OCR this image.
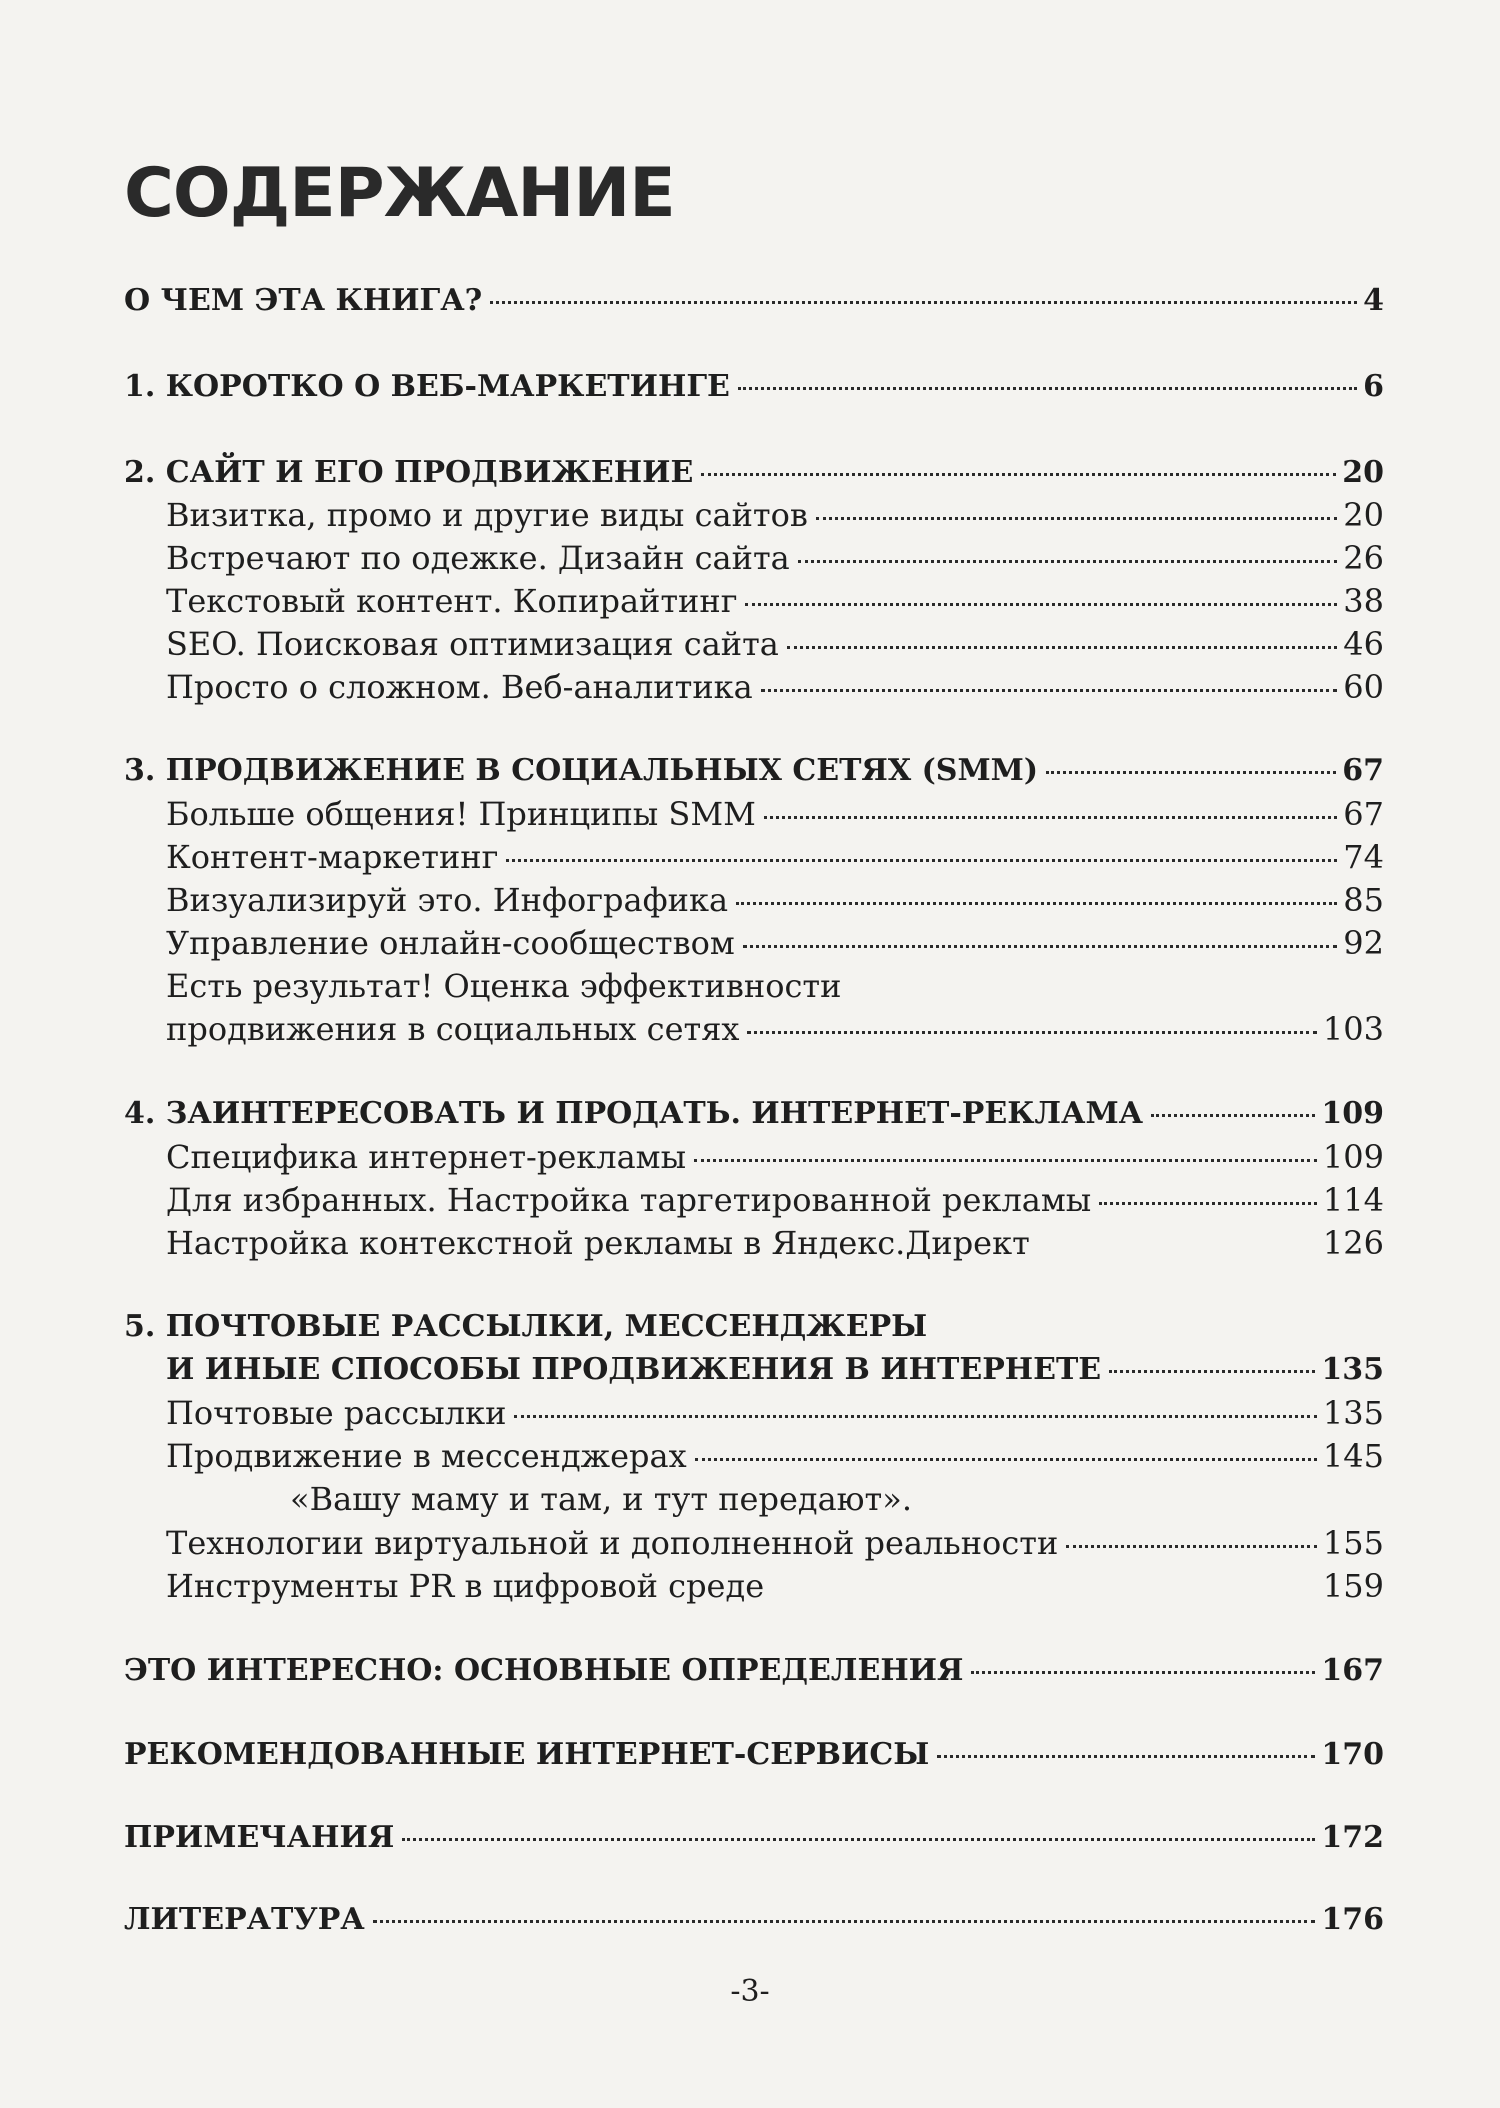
СОДЕРЖАНИЕ
О ЧЕМ ЭТА КНИГА?	4
1. КОРОТКО О ВЕБ-МАРКЕТИНГЕ	6
2. САЙТ И ЕГО ПРОДВИЖЕНИЕ	20
Визитка, промо и другие виды сайтов	20
Встречают по одежке. Дизайн сайта	26
Текстовый контент. Копирайтинг	38
SEO. Поисковая оптимизация сайта	46
Просто о сложном. Веб-аналитика	60
3. ПРОДВИЖЕНИЕ В СОЦИАЛЬНЫХ СЕТЯХ (SMM)	67
Больше общения! Принципы SMM	67
Контент-маркетинг	74
Визуализируй это. Инфографика	85
Управление онлайн-сообществом	92
Есть результат! Оценка эффективности
продвижения в социальных сетях	103
4. ЗАИНТЕРЕСОВАТЬ И ПРОДАТЬ. ИНТЕРНЕТ-РЕКЛАМА	109
Специфика интернет-рекламы	109
Для избранных. Настройка таргетированной рекламы	114
Настройка контекстной рекламы в Яндекс.Директ	126
5. ПОЧТОВЫЕ РАССЫЛКИ, МЕССЕНДЖЕРЫ
И ИНЫЕ СПОСОБЫ ПРОДВИЖЕНИЯ В ИНТЕРНЕТЕ	135
Почтовые рассылки	135
Продвижение в мессенджерах	145
«Вашу маму и там, и тут передают».
Технологии виртуальной и дополненной реальности	155
Инструменты PR в цифровой среде	159
ЭТО ИНТЕРЕСНО: ОСНОВНЫЕ ОПРЕДЕЛЕНИЯ	167
РЕКОМЕНДОВАННЫЕ ИНТЕРНЕТ-СЕРВИСЫ	170
ПРИМЕЧАНИЯ	172
ЛИТЕРАТУРА	176
-3-
